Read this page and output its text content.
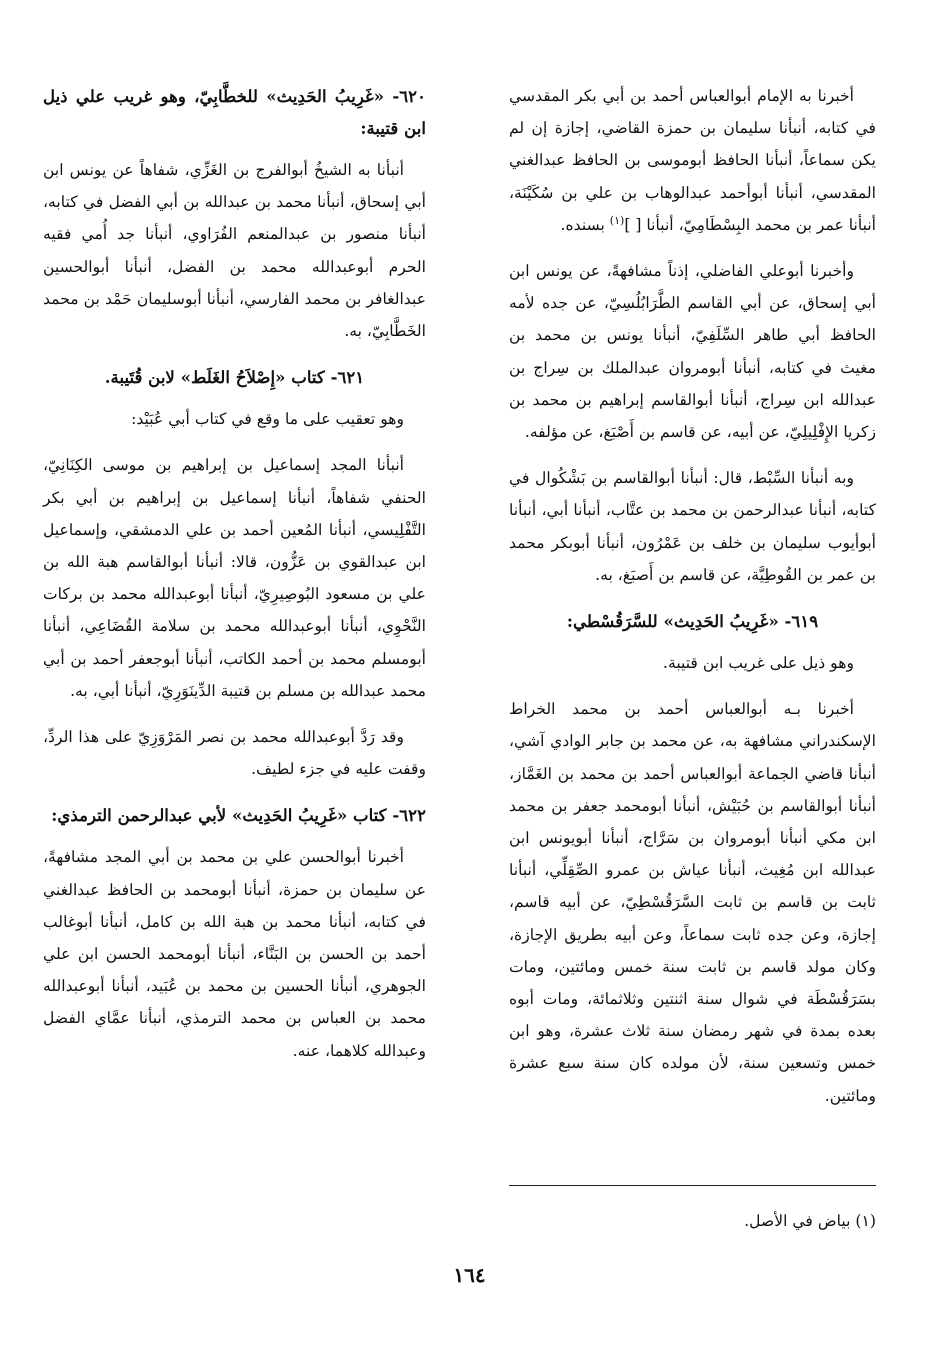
أخبرنا به الإمام أبوالعباس أحمد بن أبي بكر المقدسي في كتابه، أنبأنا سليمان بن حمزة القاضي، إجازة إن لم يكن سماعاً، أنبأنا الحافظ أبوموسى بن الحافظ عبدالغني المقدسي، أنبأنا أبوأحمد عبدالوهاب بن علي بن سُكَيْنَة، أنبأنا عمر بن محمد البِسْطَامِيّ، أنبأنا [ ]$^{(١)}$ بسنده.

وأخبرنا أبوعلي الفاضلي، إذناً مشافهةً، عن يونس ابن أبي إسحاق، عن أبي القاسم الطَّرَابُلُسِيّ، عن جده لأمه الحافظ أبي طاهر السِّلَفِيّ، أنبأنا يونس بن محمد بن مغيث في كتابه، أنبأنا أبومروان عبدالملك بن سِراج بن عبدالله ابن سِراج، أنبأنا أبوالقاسم إبراهيم بن محمد بن زكريا الإِفْلِيلِيّ، عن أبيه، عن قاسم بن أَصْبَغ، عن مؤلفه.

وبه أنبأنا السِّبْط، قال: أنبأنا أبوالقاسم بن بَشْكُوال في كتابه، أنبأنا عبدالرحمن بن محمد بن عتَّاب، أنبأنا أبي، أنبأنا أبوأيوب سليمان بن خلف بن عَمْرُون، أنبأنا أبوبكر محمد بن عمر بن القُوطِيَّة، عن قاسم بن أَصبَغ، به.

٦١٩- «غَرِيبُ الحَدِيث» للسَّرَقُسْطي:

وهو ذيل على غريب ابن قتيبة.

أخبرنا بـه أبوالعباس أحمد بن محمد الخراط الإسكندراني مشافهة به، عن محمد بن جابر الوادي آشي، أنبأنا قاضي الجماعة أبوالعباس أحمد بن محمد بن الغَمَّاز، أنبأنا أبوالقاسم بن حُبَيْش، أنبأنا أبومحمد جعفر بن محمد ابن مكي أنبأنا أبومروان بن سَرَّاج، أنبأنا أبويونس ابن عبدالله ابن مُغِيث، أنبأنا عياش بن عمرو الصِّقِلِّي، أنبأنا ثابت بن قاسم بن ثابت السَّرَقُسْطِيّ، عن أبيه قاسم، إجازة، وعن جده ثابت سماعاً، وعن أبيه بطريق الإجازة، وكان مولد قاسم بن ثابت سنة خمس ومائتين، ومات بسَرَقُسْطَة في شوال سنة اثنتين وثلاثمائة، ومات أبوه بعده بمدة في شهر رمضان سنة ثلاث عشرة، وهو ابن خمس وتسعين سنة، لأن مولده كان سنة سبع عشرة ومائتين.

٦٢٠- «غَرِيبُ الحَدِيث» للخطَّابِيّ، وهو غريب علي ذيل ابن قتيبة:

أنبأنا به الشيخُ أبوالفرج بن الغَزِّي، شفاهاً عن يونس ابن أبي إسحاق، أنبأنا محمد بن عبدالله بن أبي الفضل في كتابه، أنبأنا منصور بن عبدالمنعم الفُرَاوي، أنبأنا جد أُمي فقيه الحرم أبوعبدالله محمد بن الفضل، أنبأنا أبوالحسين عبدالغافر بن محمد الفارسي، أنبأنا أبوسليمان حَمْد بن محمد الخَطَّابِيّ، به.

٦٢١- كتاب «إِصْلاَحُ الغَلَط» لابن قُتَيبة.

وهو تعقيب على ما وقع في كتاب أبي عُبَيْد:

أنبأنا المجد إسماعيل بن إبراهيم بن موسى الكِنَانِيّ، الحنفي شفاهاً، أنبأنا إسماعيل بن إبراهيم بن أبي بكر التَّفْلِيسي، أنبأنا المُعين أحمد بن علي الدمشقي، وإسماعيل ابن عبدالقوي بن عَزُّون، قالا: أنبأنا أبوالقاسم هبة الله بن علي بن مسعود البُوصِيرِيّ، أنبأنا أبوعبدالله محمد بن بركات النَّحْوِي، أنبأنا أبوعبدالله محمد بن سلامة القُضَاعِي، أنبأنا أبومسلم محمد بن أحمد الكاتب، أنبأنا أبوجعفر أحمد بن أبي محمد عبدالله بن مسلم بن قتيبة الدِّينَوَرِيّ، أنبأنا أبي، به.

وقد رَدَّ أبوعبدالله محمد بن نصر المَرْوَزِيّ على هذا الردِّ، وقفت عليه في جزء لطيف.

٦٢٢- كتاب «غَرِيبُ الحَدِيث» لأبي عبدالرحمن الترمذي:

أخبرنا أبوالحسن علي بن محمد بن أبي المجد مشافهةً، عن سليمان بن حمزة، أنبأنا أبومحمد بن الحافظ عبدالغني في كتابه، أنبأنا محمد بن هبة الله بن كامل، أنبأنا أبوغالب أحمد بن الحسن بن البَنَّاء، أنبأنا أبومحمد الحسن ابن علي الجوهري، أنبأنا الحسين بن محمد بن عُبَيد، أنبأنا أبوعبدالله محمد بن العباس بن محمد الترمذي، أنبأنا عمَّاي الفضل وعبدالله كلاهما، عنه.

(١) بياض في الأصل.
١٦٤
